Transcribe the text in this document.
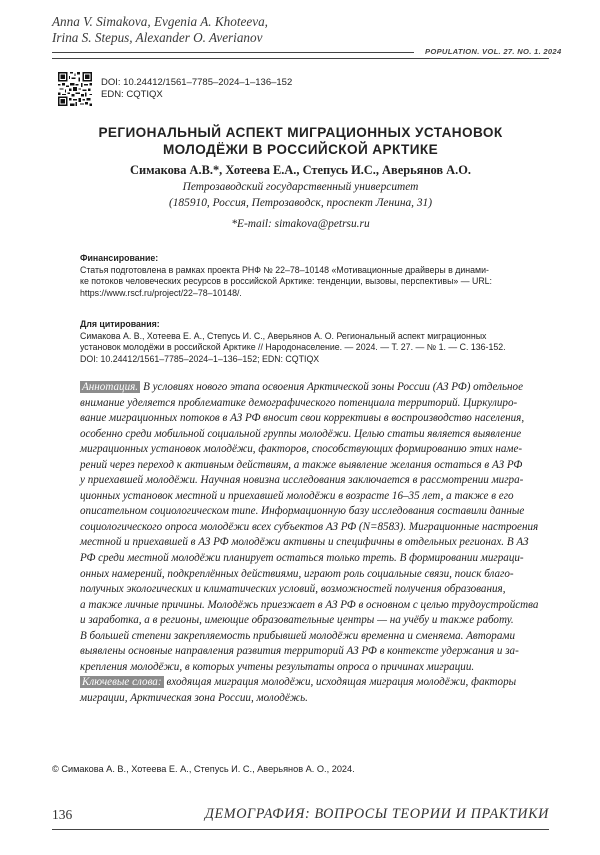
Anna V. Simakova, Evgenia A. Khoteeva,
Irina S. Stepus, Alexander O. Averianov
POPULATION. VOL. 27. NO. 1. 2024
DOI: 10.24412/1561–7785–2024–1–136–152
EDN: CQTIQX
РЕГИОНАЛЬНЫЙ АСПЕКТ МИГРАЦИОННЫХ УСТАНОВОК
МОЛОДЁЖИ В РОССИЙСКОЙ АРКТИКЕ
Симакова А.В.*, Хотеева Е.А., Степусь И.С., Аверьянов А.О.
Петрозаводский государственный университет
(185910, Россия, Петрозаводск, проспект Ленина, 31)
*E-mail: simakova@petrsu.ru
Финансирование:
Статья подготовлена в рамках проекта РНФ № 22–78–10148 «Мотивационные драйверы в динами-
ке потоков человеческих ресурсов в российской Арктике: тенденции, вызовы, перспективы» — URL:
https://www.rscf.ru/project/22–78–10148/.
Для цитирования:
Симакова А. В., Хотеева Е. А., Степусь И. С., Аверьянов А. О. Региональный аспект миграционных
установок молодёжи в российской Арктике // Народонаселение. — 2024. — Т. 27. — № 1. — С. 136-152.
DOI: 10.24412/1561–7785–2024–1–136–152; EDN: CQTIQX
Аннотация. В условиях нового этапа освоения Арктической зоны России (АЗ РФ) отдельное
внимание уделяется проблематике демографического потенциала территорий. Циркулиро-
вание миграционных потоков в АЗ РФ вносит свои коррективы в воспроизводство населения,
особенно среди мобильной социальной группы молодёжи. Целью статьи является выявление
миграционных установок молодёжи, факторов, способствующих формированию этих наме-
рений через переход к активным действиям, а также выявление желания остаться в АЗ РФ
у приехавшей молодёжи. Научная новизна исследования заключается в рассмотрении мигра-
ционных установок местной и приехавшей молодёжи в возрасте 16–35 лет, а также в его
описательном социологическом типе. Информационную базу исследования составили данные
социологического опроса молодёжи всех субъектов АЗ РФ (N=8583). Миграционные настроения
местной и приехавшей в АЗ РФ молодёжи активны и специфичны в отдельных регионах. В АЗ
РФ среди местной молодёжи планирует остаться только треть. В формировании миграци-
онных намерений, подкреплённых действиями, играют роль социальные связи, поиск благо-
получных экологических и климатических условий, возможностей получения образования,
а также личные причины. Молодёжь приезжает в АЗ РФ в основном с целью трудоустройства
и заработка, а в регионы, имеющие образовательные центры — на учёбу и также работу.
В большей степени закрепляемость прибывшей молодёжи временна и сменяема. Авторами
выявлены основные направления развития территорий АЗ РФ в контексте удержания и за-
крепления молодёжи, в которых учтены результаты опроса о причинах миграции.
Ключевые слова: входящая миграция молодёжи, исходящая миграция молодёжи, факторы
миграции, Арктическая зона России, молодёжь.
© Симакова А. В., Хотеева Е. А., Степусь И. С., Аверьянов А. О., 2024.
136	ДЕМОГРАФИЯ: ВОПРОСЫ ТЕОРИИ И ПРАКТИКИ
